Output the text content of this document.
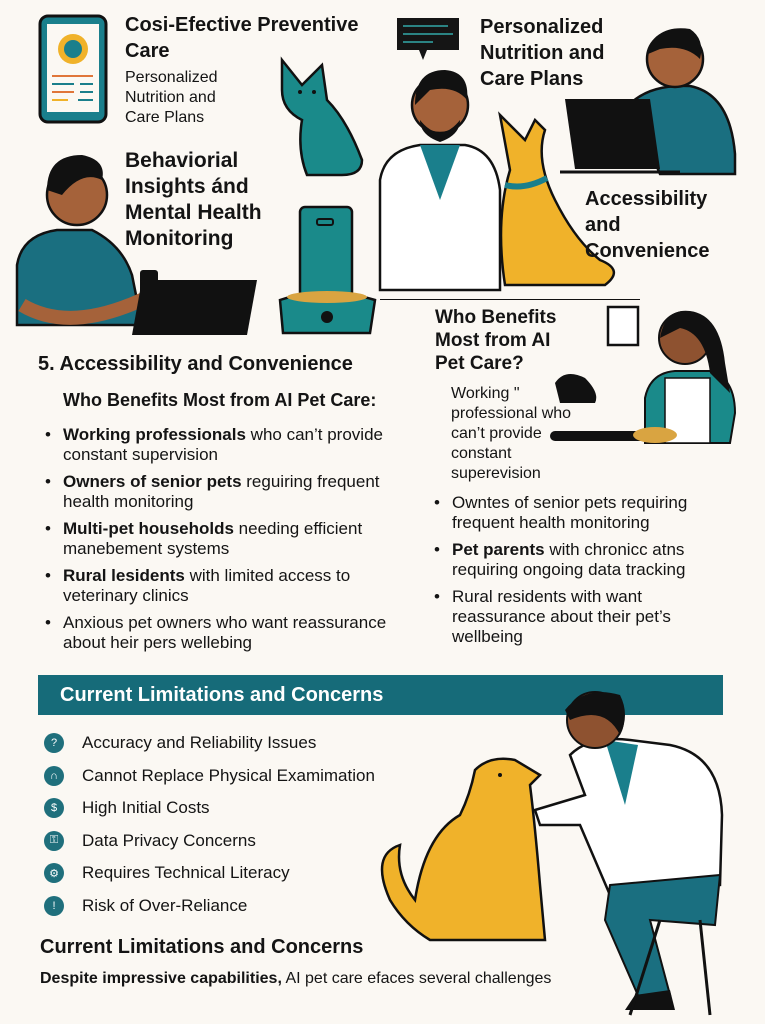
Cosi-Efective Preventive Care
Personalized Nutrition and Care Plans
Personalized Nutrition and Care Plans
Accessibility and Convenience
Behaviorial Insights ánd Mental Health Monitoring
5. Accessibility and Convenience
Who Benefits Most from AI Pet Care:
• Working professionals who can’t provide constant supervision
• Owners of senior pets reguiring frequent health monitoring
• Multi-pet households needing efficient manebement systems
• Rural lesidents with limited access to veterinary clinics
• Anxious pet owners who want reassurance about heir pers wellebing
Who Benefits Most from AI Pet Care?
Working " professional who can’t provide constant superevision
• Owntes of senior pets requiring frequent health monitoring
• Pet parents with chronicc atns requiring ongoing data tracking
• Rural residents with want reassurance about their pet’s wellbeing
Current Limitations and Concerns
?	Accuracy and Reliability Issues
∩	Cannot Replace Physical Examimation
$	High Initial Costs
⚿	Data Privacy Concerns
⚙ Requires Technical Literacy
!	Risk of Over-Reliance
Current Limitations and Concerns
Despite impressive capabilities, AI pet care efaces several challenges
